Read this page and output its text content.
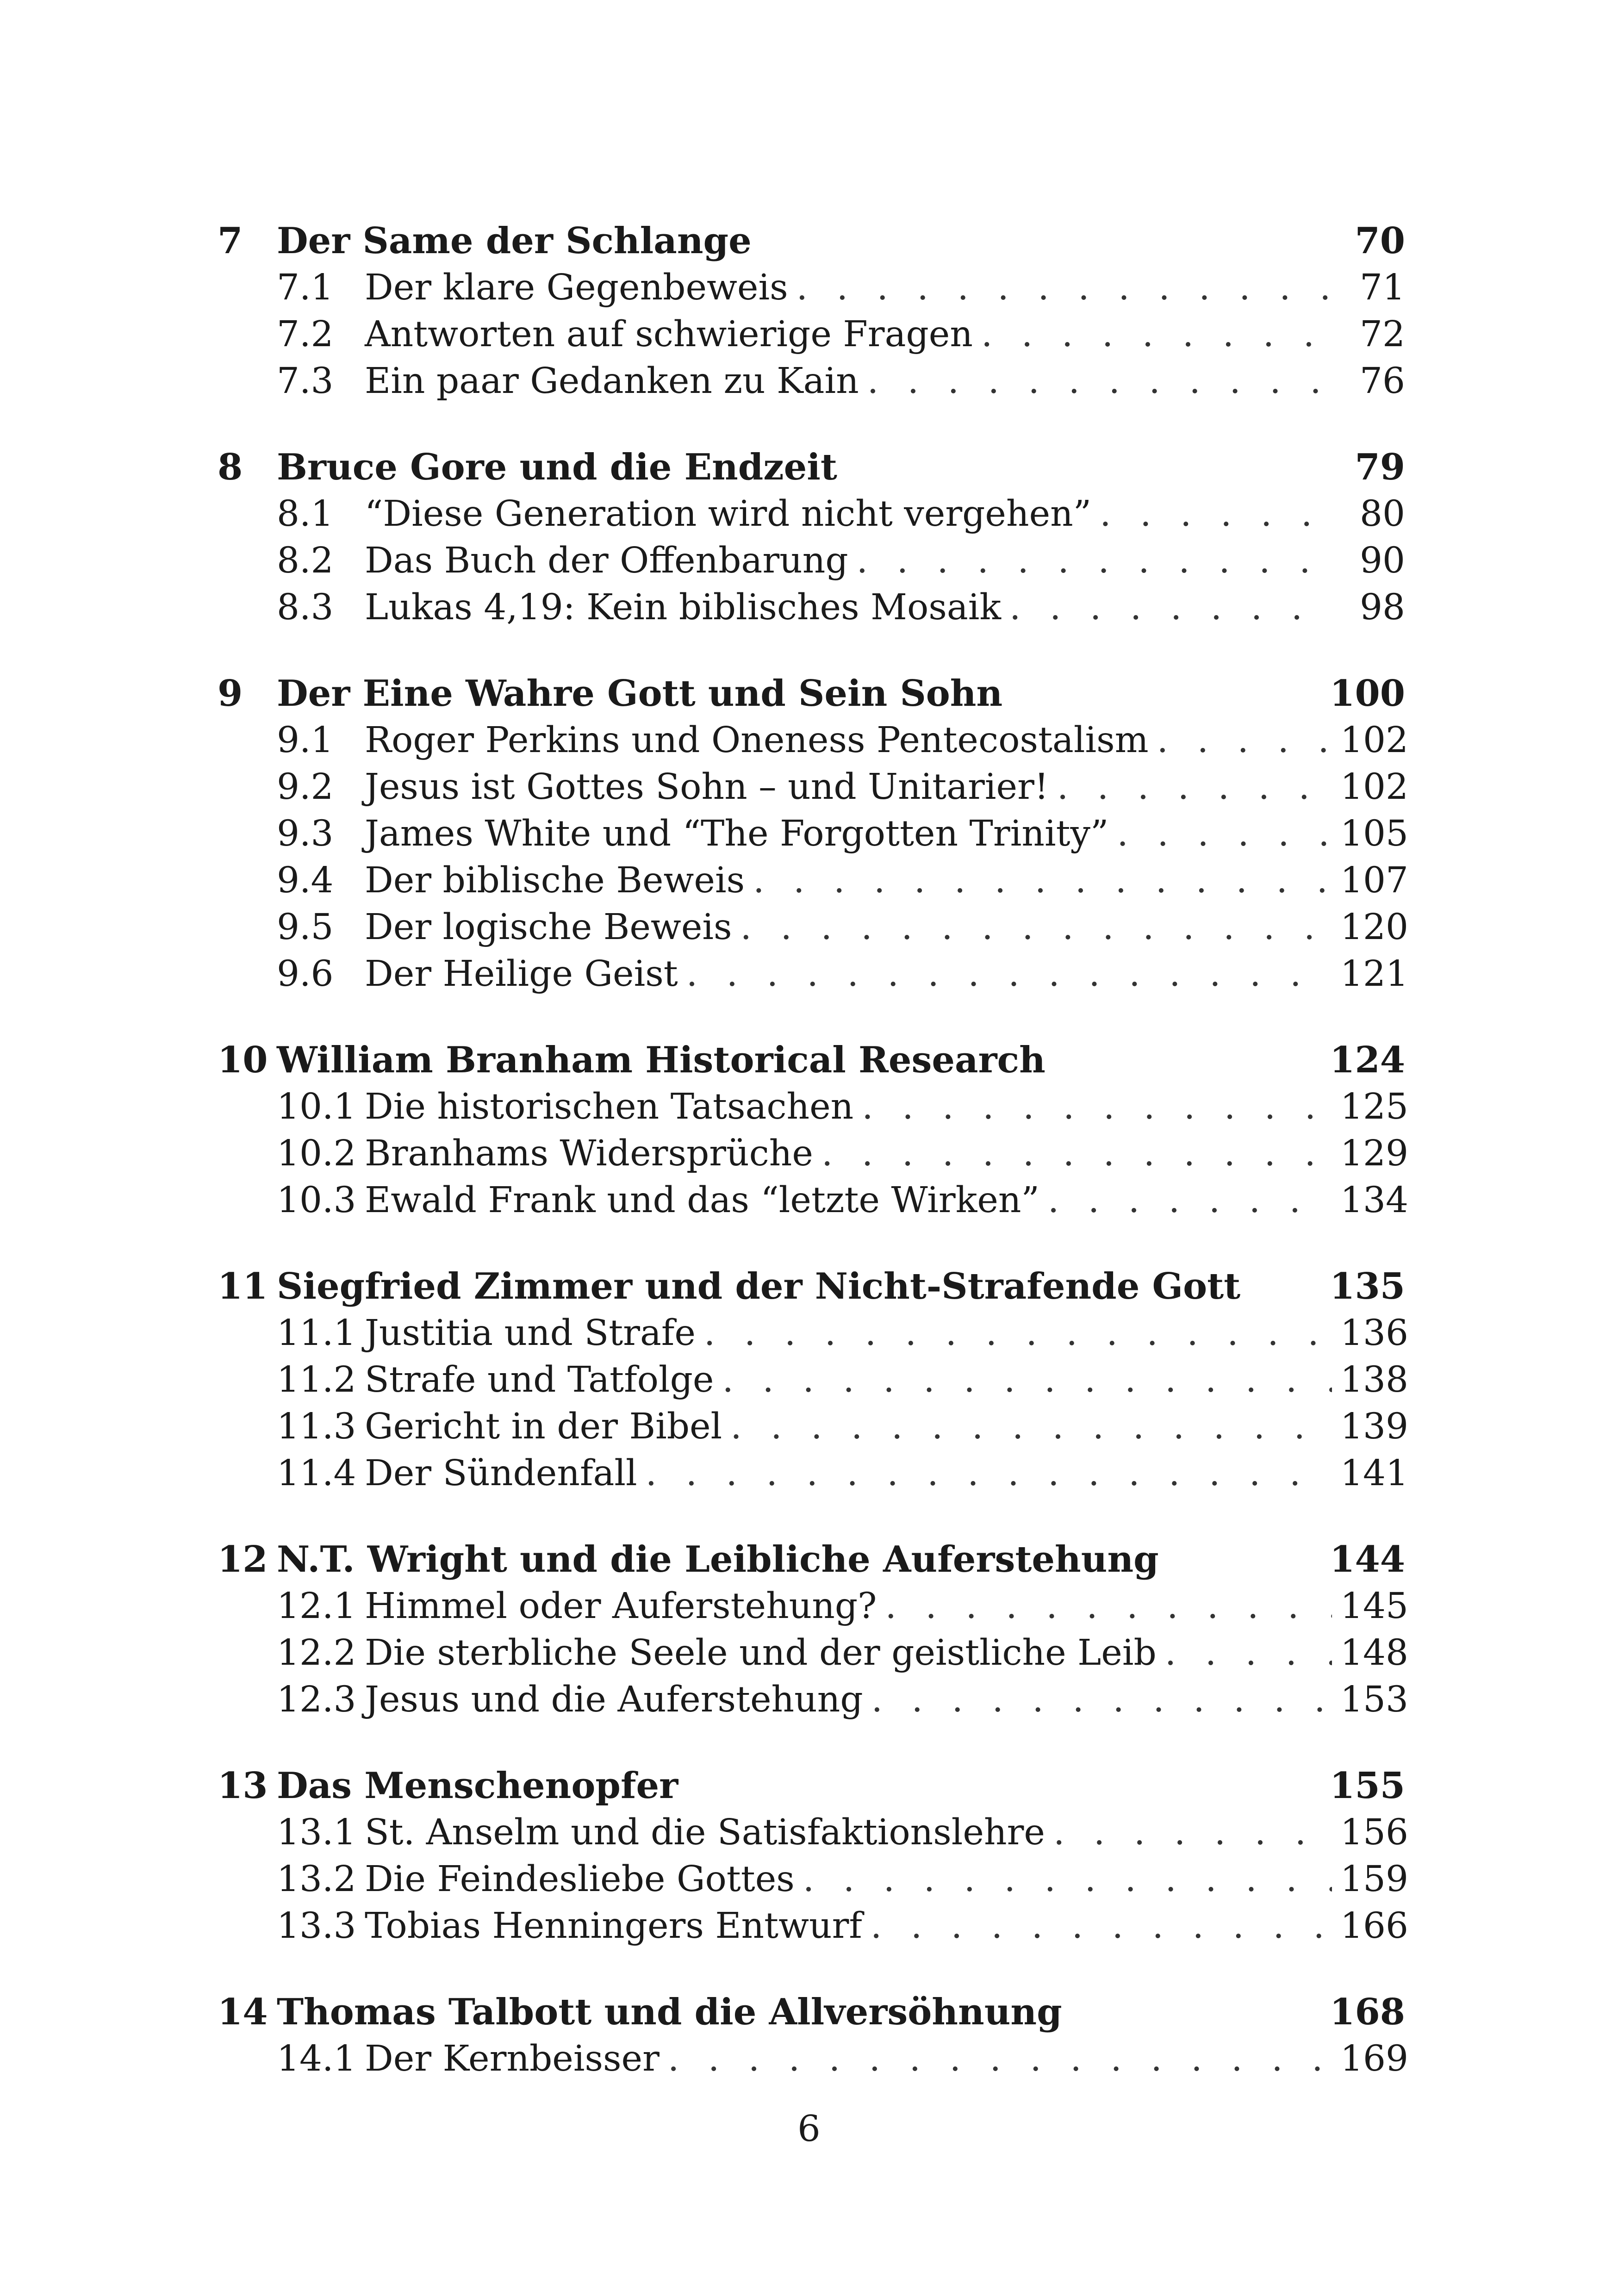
7 Der Same der Schlange	70
7.1 Der klare Gegenbeweis . . .	71
7.2 Antworten auf schwierige Fragen . . .	72
7.3 Ein paar Gedanken zu Kain . . .	76
8 Bruce Gore und die Endzeit	79
8.1 “Diese Generation wird nicht vergehen” . . .	80
8.2 Das Buch der Offenbarung . . .	90
8.3 Lukas 4,19: Kein biblisches Mosaik . . .	98
9 Der Eine Wahre Gott und Sein Sohn	100
9.1 Roger Perkins und Oneness Pentecostalism . . .	102
9.2 Jesus ist Gottes Sohn – und Unitarier! . . .	102
9.3 James White und “The Forgotten Trinity” . . .	105
9.4 Der biblische Beweis . . .	107
9.5 Der logische Beweis . . .	120
9.6 Der Heilige Geist . . .	121
10 William Branham Historical Research	124
10.1 Die historischen Tatsachen . . .	125
10.2 Branhams Widersprüche . . .	129
10.3 Ewald Frank und das “letzte Wirken” . . .	134
11 Siegfried Zimmer und der Nicht-Strafende Gott	135
11.1 Justitia und Strafe . . .	136
11.2 Strafe und Tatfolge . . .	138
11.3 Gericht in der Bibel . . .	139
11.4 Der Sündenfall . . .	141
12 N.T. Wright und die Leibliche Auferstehung	144
12.1 Himmel oder Auferstehung? . . .	145
12.2 Die sterbliche Seele und der geistliche Leib . . .	148
12.3 Jesus und die Auferstehung . . .	153
13 Das Menschenopfer	155
13.1 St. Anselm und die Satisfaktionslehre . . .	156
13.2 Die Feindesliebe Gottes . . .	159
13.3 Tobias Henningers Entwurf . . .	166
14 Thomas Talbott und die Allversöhnung	168
14.1 Der Kernbeisser . . .	169
6
